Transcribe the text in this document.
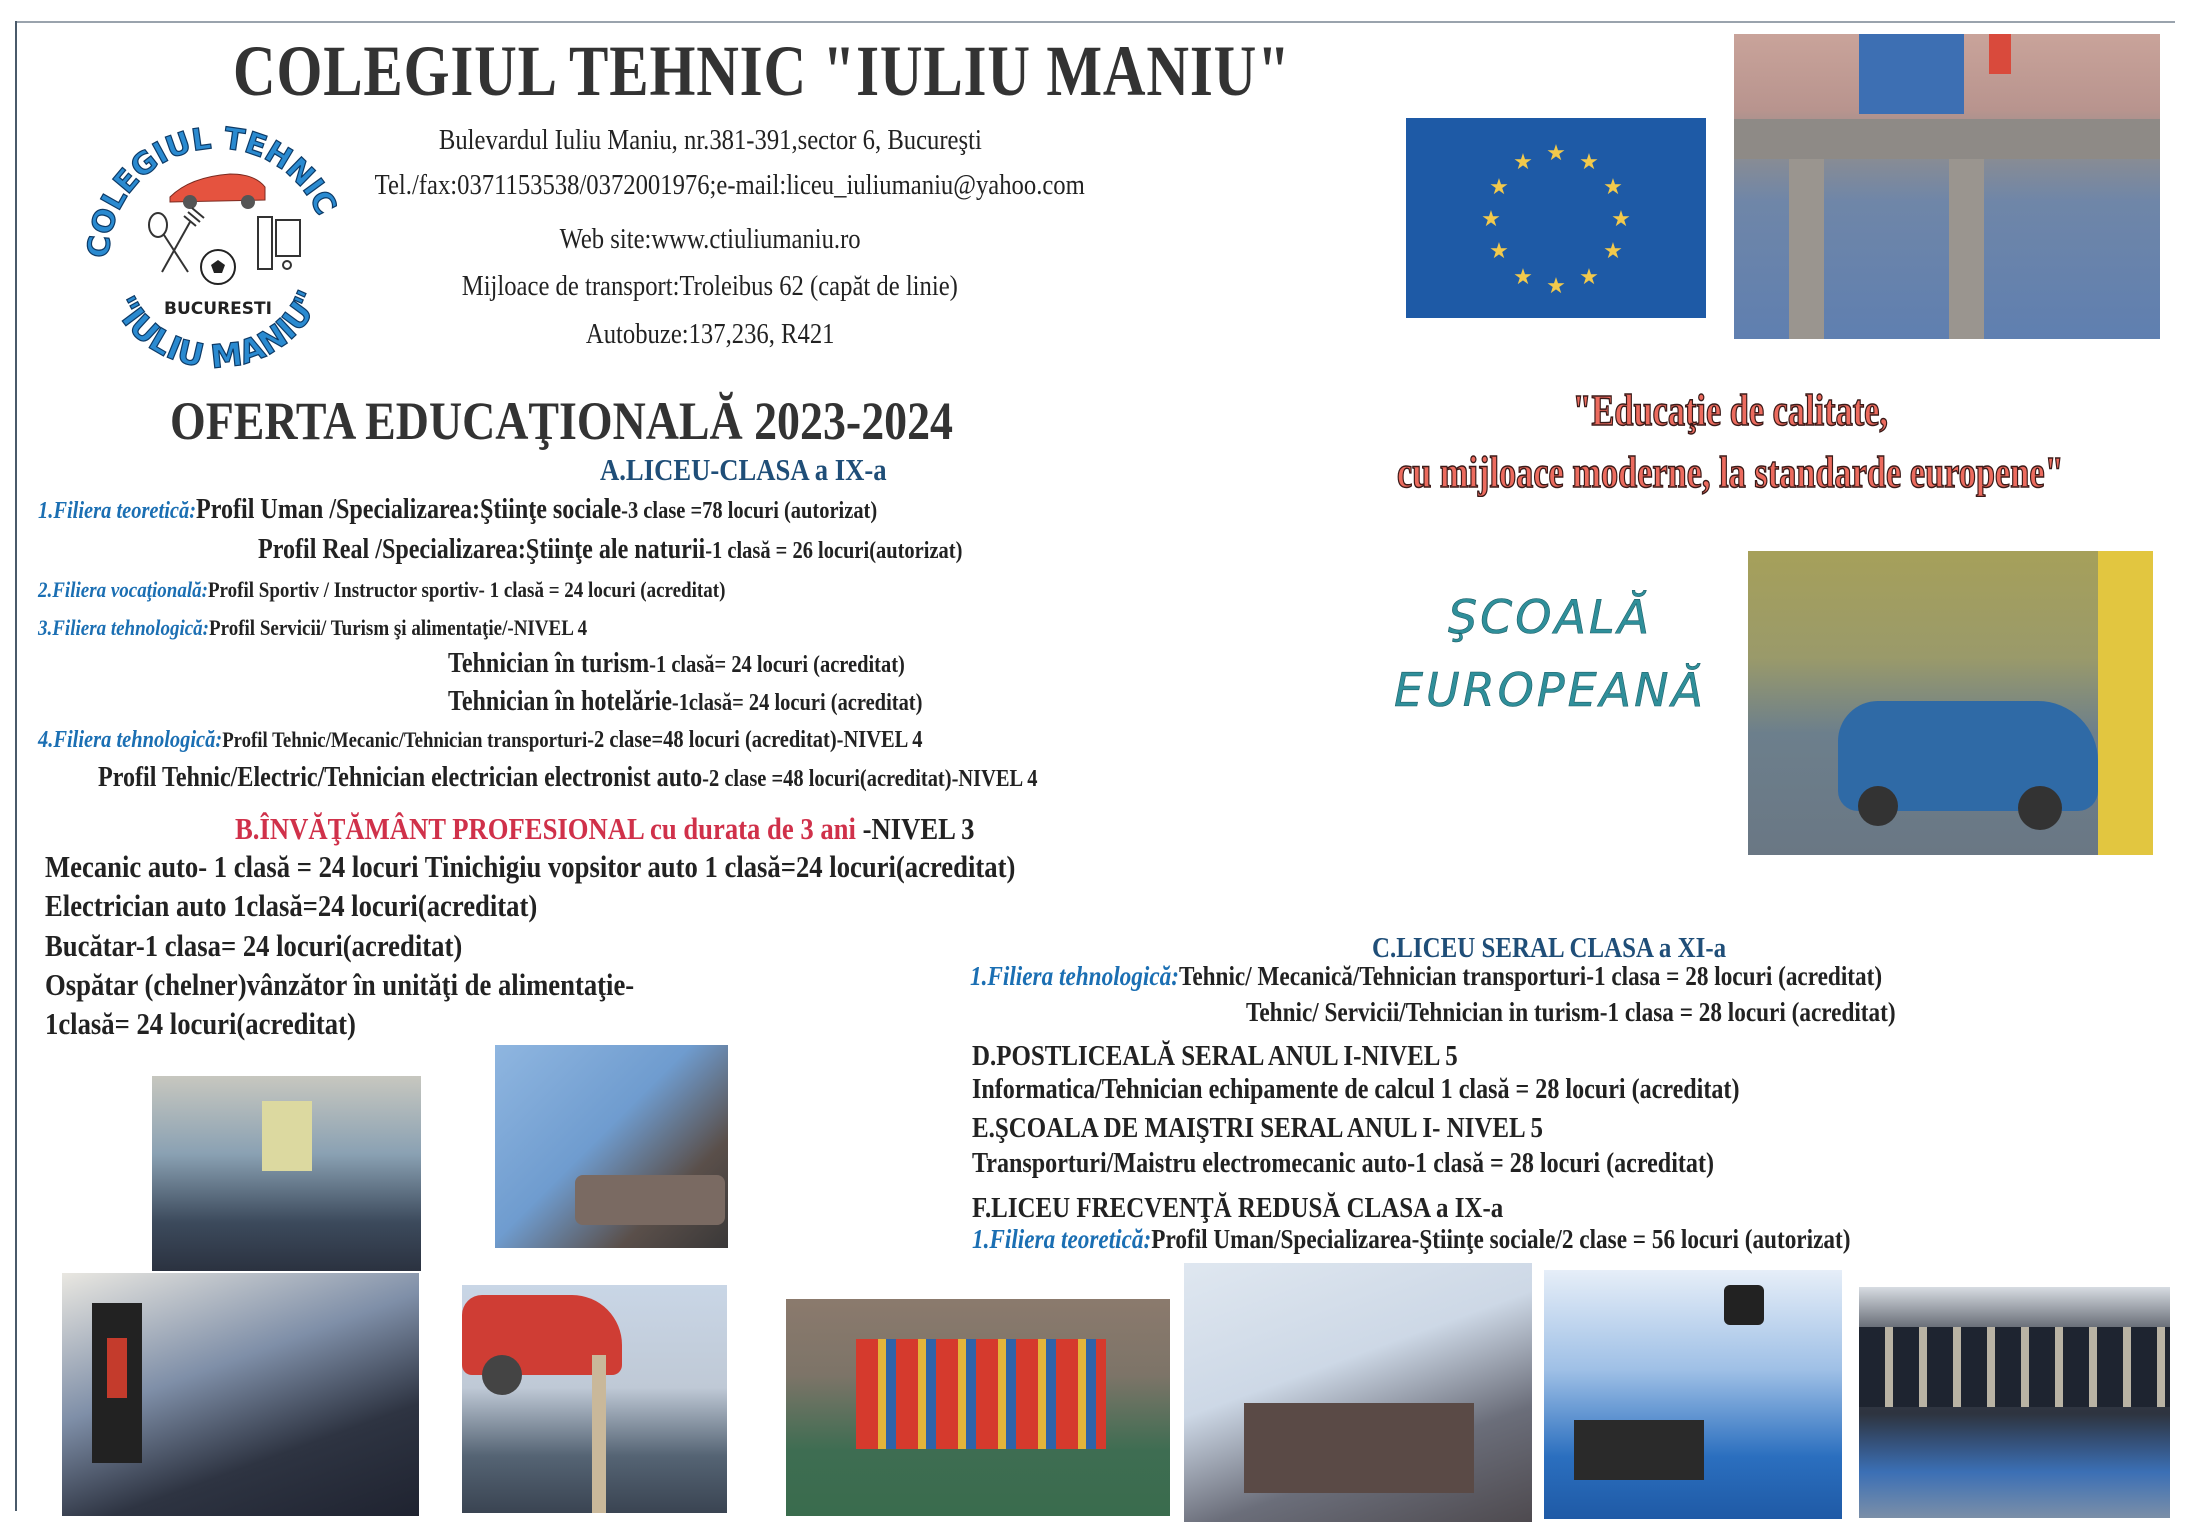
COLEGIUL TEHNIC "IULIU MANIU"
COLEGIUL TEHNIC
"IULIU MANIU"
BUCURESTI
Bulevardul Iuliu Maniu, nr.381-391,sector 6, Bucureşti
Tel./fax:0371153538/0372001976;e-mail:liceu_iuliumaniu@yahoo.com
Web site:www.ctiuliumaniu.ro
Mijloace de transport:Troleibus 62 (capăt de linie)
Autobuze:137,236, R421
★ ★
★
★
★
★
★
★
★
★
★
★
"Educaţie de calitate,
cu mijloace moderne, la standarde europene"
ŞCOALĂ
EUROPEANĂ
OFERTA EDUCAŢIONALĂ 2023-2024
A.LICEU-CLASA a IX-a
1.Filiera teoretică:Profil Uman /Specializarea:Ştiinţe sociale-3 clase =78 locuri (autorizat)
Profil Real /Specializarea:Ştiinţe ale naturii-1 clasă = 26 locuri(autorizat)
2.Filiera vocaţională:Profil Sportiv / Instructor sportiv- 1 clasă = 24 locuri (acreditat)
3.Filiera tehnologică:Profil Servicii/ Turism şi alimentaţie/-NIVEL 4
Tehnician în turism-1 clasă= 24 locuri (acreditat)
Tehnician în hotelărie-1clasă= 24 locuri (acreditat)
4.Filiera tehnologică:Profil Tehnic/Mecanic/Tehnician transporturi-2 clase=48 locuri (acreditat)-NIVEL 4
Profil Tehnic/Electric/Tehnician electrician electronist auto-2 clase =48 locuri(acreditat)-NIVEL 4
B.ÎNVĂŢĂMÂNT PROFESIONAL cu durata de 3 ani -NIVEL 3
Mecanic auto- 1 clasă = 24 locuri Tinichigiu vopsitor auto 1 clasă=24 locuri(acreditat)
Electrician auto 1clasă=24 locuri(acreditat)
Bucătar-1 clasa= 24 locuri(acreditat)
Ospătar (chelner)vânzător în unităţi de alimentaţie-
1clasă= 24 locuri(acreditat)
C.LICEU SERAL CLASA a XI-a
1.Filiera tehnologică:Tehnic/ Mecanică/Tehnician transporturi-1 clasa = 28 locuri (acreditat)
Tehnic/ Servicii/Tehnician in turism-1 clasa = 28 locuri (acreditat)
D.POSTLICEALĂ SERAL ANUL I-NIVEL 5
Informatica/Tehnician echipamente de calcul 1 clasă = 28 locuri (acreditat)
E.ŞCOALA DE MAIŞTRI SERAL ANUL I- NIVEL 5
Transporturi/Maistru electromecanic auto-1 clasă = 28 locuri (acreditat)
F.LICEU FRECVENŢĂ REDUSĂ CLASA a IX-a
1.Filiera teoretică:Profil Uman/Specializarea-Ştiinţe sociale/2 clase = 56 locuri (autorizat)
